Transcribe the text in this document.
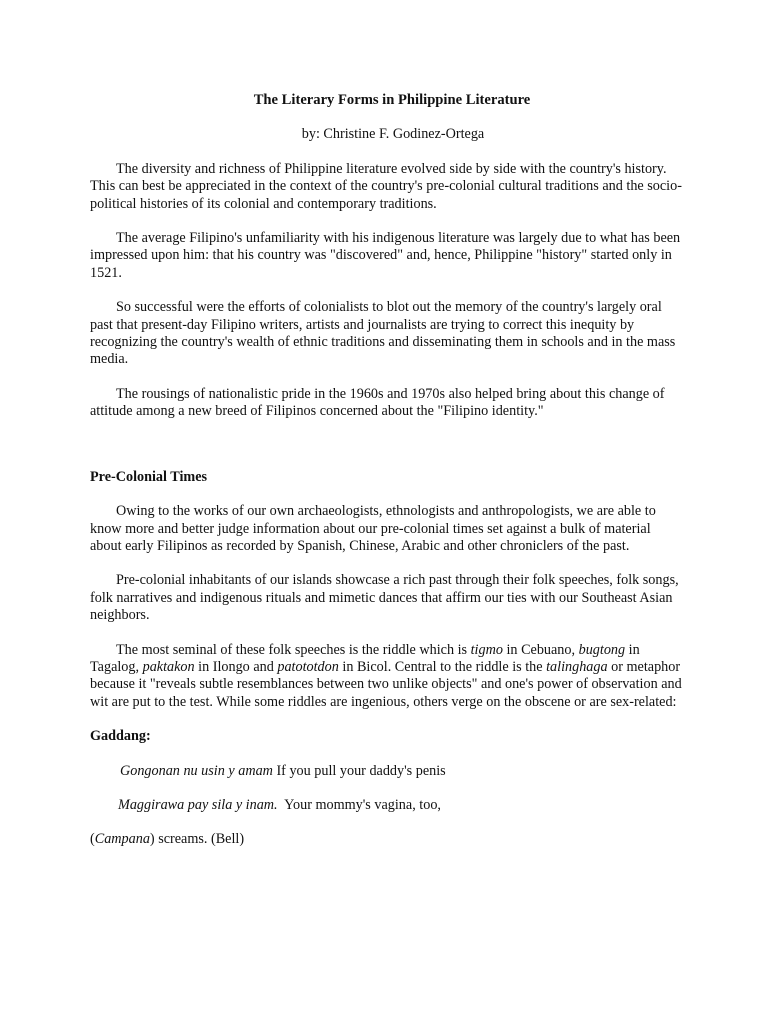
The Literary Forms in Philippine Literature
by: Christine F. Godinez-Ortega

The diversity and richness of Philippine literature evolved side by side with the country's history. This can best be appreciated in the context of the country's pre-colonial cultural traditions and the socio-political histories of its colonial and contemporary traditions.

The average Filipino's unfamiliarity with his indigenous literature was largely due to what has been impressed upon him: that his country was "discovered" and, hence, Philippine "history" started only in 1521.

So successful were the efforts of colonialists to blot out the memory of the country's largely oral past that present-day Filipino writers, artists and journalists are trying to correct this inequity by recognizing the country's wealth of ethnic traditions and disseminating them in schools and in the mass media.

The rousings of nationalistic pride in the 1960s and 1970s also helped bring about this change of attitude among a new breed of Filipinos concerned about the "Filipino identity."

Pre-Colonial Times

Owing to the works of our own archaeologists, ethnologists and anthropologists, we are able to know more and better judge information about our pre-colonial times set against a bulk of material about early Filipinos as recorded by Spanish, Chinese, Arabic and other chroniclers of the past.

Pre-colonial inhabitants of our islands showcase a rich past through their folk speeches, folk songs, folk narratives and indigenous rituals and mimetic dances that affirm our ties with our Southeast Asian neighbors.

The most seminal of these folk speeches is the riddle which is tigmo in Cebuano, bugtong in Tagalog, paktakon in Ilongo and patototdon in Bicol. Central to the riddle is the talinghaga or metaphor because it "reveals subtle resemblances between two unlike objects" and one's power of observation and wit are put to the test. While some riddles are ingenious, others verge on the obscene or are sex-related:

Gaddang:
Gongonan nu usin y amam If you pull your daddy's penis
Maggirawa pay sila y inam.  Your mommy's vagina, too,
(Campana) screams. (Bell)
